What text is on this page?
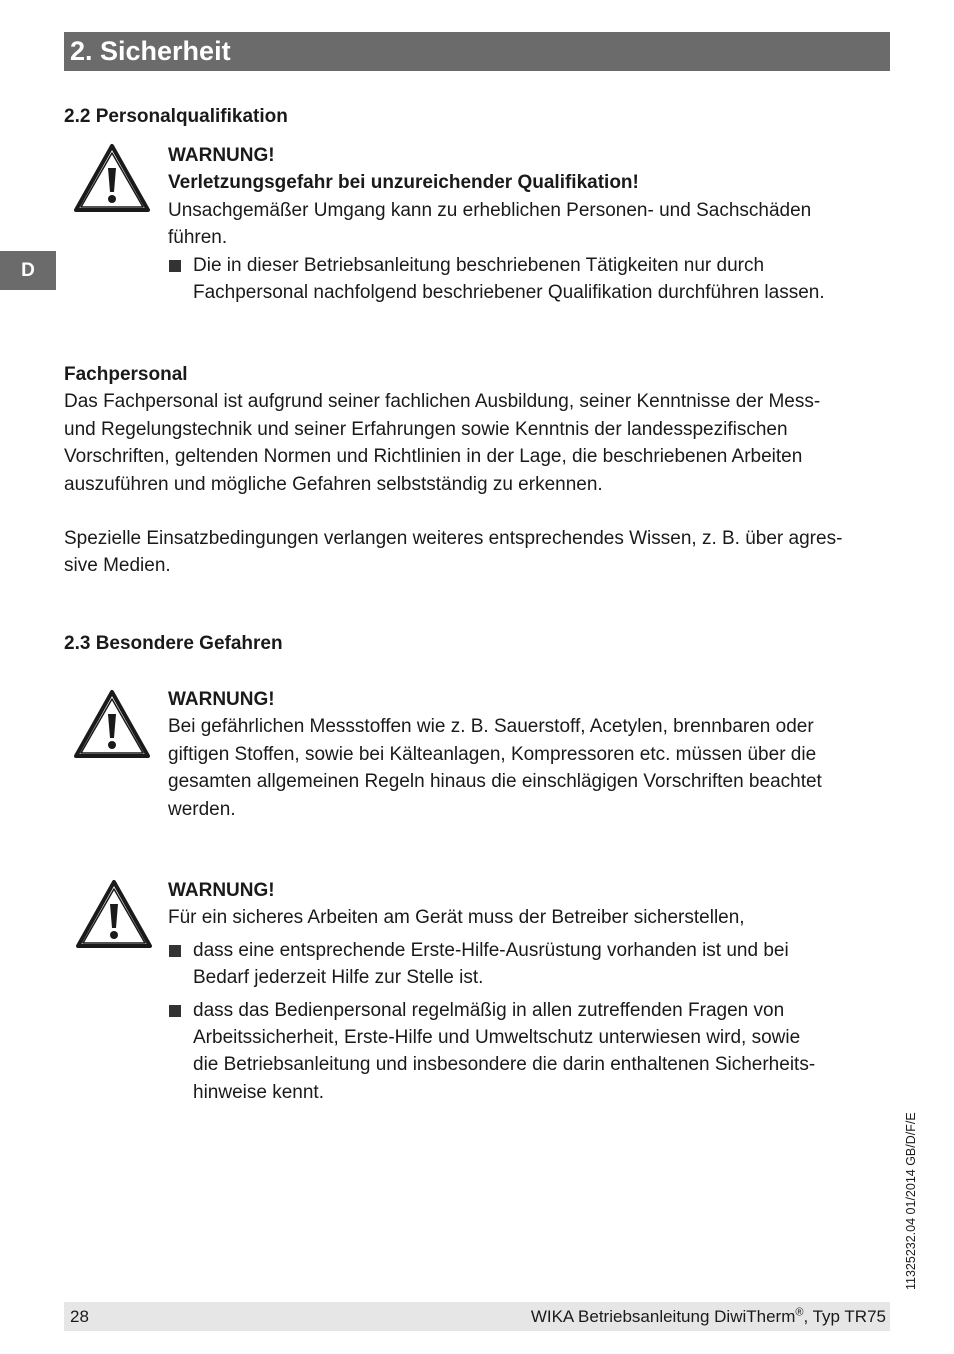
2. Sicherheit
D
2.2 Personalqualifikation
WARNUNG!
Verletzungsgefahr bei unzureichender Qualifikation!
Unsachgemäßer Umgang kann zu erheblichen Personen- und Sachschäden
führen.
Die in dieser Betriebsanleitung beschriebenen Tätigkeiten nur durch
Fachpersonal nachfolgend beschriebener Qualifikation durchführen lassen.
Fachpersonal
Das Fachpersonal ist aufgrund seiner fachlichen Ausbildung, seiner Kenntnisse der Mess-
und Regelungstechnik und seiner Erfahrungen sowie Kenntnis der landesspezifischen
Vorschriften, geltenden Normen und Richtlinien in der Lage, die beschriebenen Arbeiten
auszuführen und mögliche Gefahren selbstständig zu erkennen.
Spezielle Einsatzbedingungen verlangen weiteres entsprechendes Wissen, z. B. über agres-
sive Medien.
2.3 Besondere Gefahren
WARNUNG!
Bei gefährlichen Messstoffen wie z. B. Sauerstoff, Acetylen, brennbaren oder
giftigen Stoffen, sowie bei Kälteanlagen, Kompressoren etc. müssen über die
gesamten allgemeinen Regeln hinaus die einschlägigen Vorschriften beachtet
werden.
WARNUNG!
Für ein sicheres Arbeiten am Gerät muss der Betreiber sicherstellen,
dass eine entsprechende Erste-Hilfe-Ausrüstung vorhanden ist und bei
Bedarf jederzeit Hilfe zur Stelle ist.
dass das Bedienpersonal regelmäßig in allen zutreffenden Fragen von
Arbeitssicherheit, Erste-Hilfe und Umweltschutz unterwiesen wird, sowie
die Betriebsanleitung und insbesondere die darin enthaltenen Sicherheits-
hinweise kennt.
11325232.04 01/2014 GB/D/F/E
28	WIKA Betriebsanleitung DiwiTherm®, Typ TR75
